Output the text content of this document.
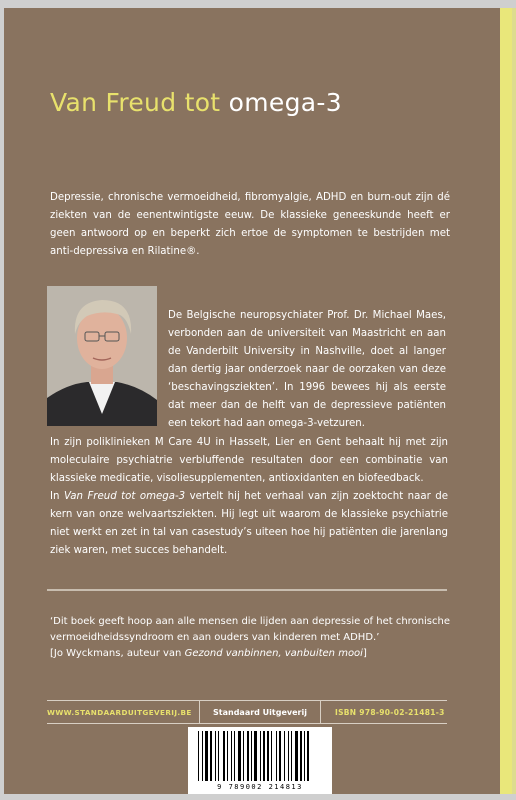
Van Freud tot omega-3
Depressie, chronische vermoeidheid, fibromyalgie, ADHD en burn-out zijn dé ziekten van de eenentwintigste eeuw. De klassieke geneeskunde heeft er geen antwoord op en beperkt zich ertoe de symptomen te bestrijden met anti-depressiva en Rilatine®.
De Belgische neuropsychiater Prof. Dr. Michael Maes, verbonden aan de universiteit van Maastricht en aan de Vanderbilt University in Nashville, doet al langer dan dertig jaar onderzoek naar de oorzaken van deze ‘beschavingsziekten’. In 1996 bewees hij als eerste dat meer dan de helft van de depressieve patiënten een tekort had aan omega-3-vetzuren.

In zijn poliklinieken M Care 4U in Hasselt, Lier en Gent behaalt hij met zijn moleculaire psychiatrie verbluffende resultaten door een combinatie van klassieke medicatie, visoliesupplementen, antioxidanten en biofeedback.

In Van Freud tot omega-3 vertelt hij het verhaal van zijn zoektocht naar de kern van onze welvaartsziekten. Hij legt uit waarom de klassieke psychiatrie niet werkt en zet in tal van casestudy’s uiteen hoe hij patiënten die jarenlang ziek waren, met succes behandelt.

‘Dit boek geeft hoop aan alle mensen die lijden aan depressie of het chronische vermoeidheidssyndroom en aan ouders van kinderen met ADHD.’
[Jo Wyckmans, auteur van Gezond vanbinnen, vanbuiten mooi]
WWW.STANDAARDUITGEVERIJ.BE	Standaard Uitgeverij	ISBN 978-90-02-21481-3
9 789002 214813
